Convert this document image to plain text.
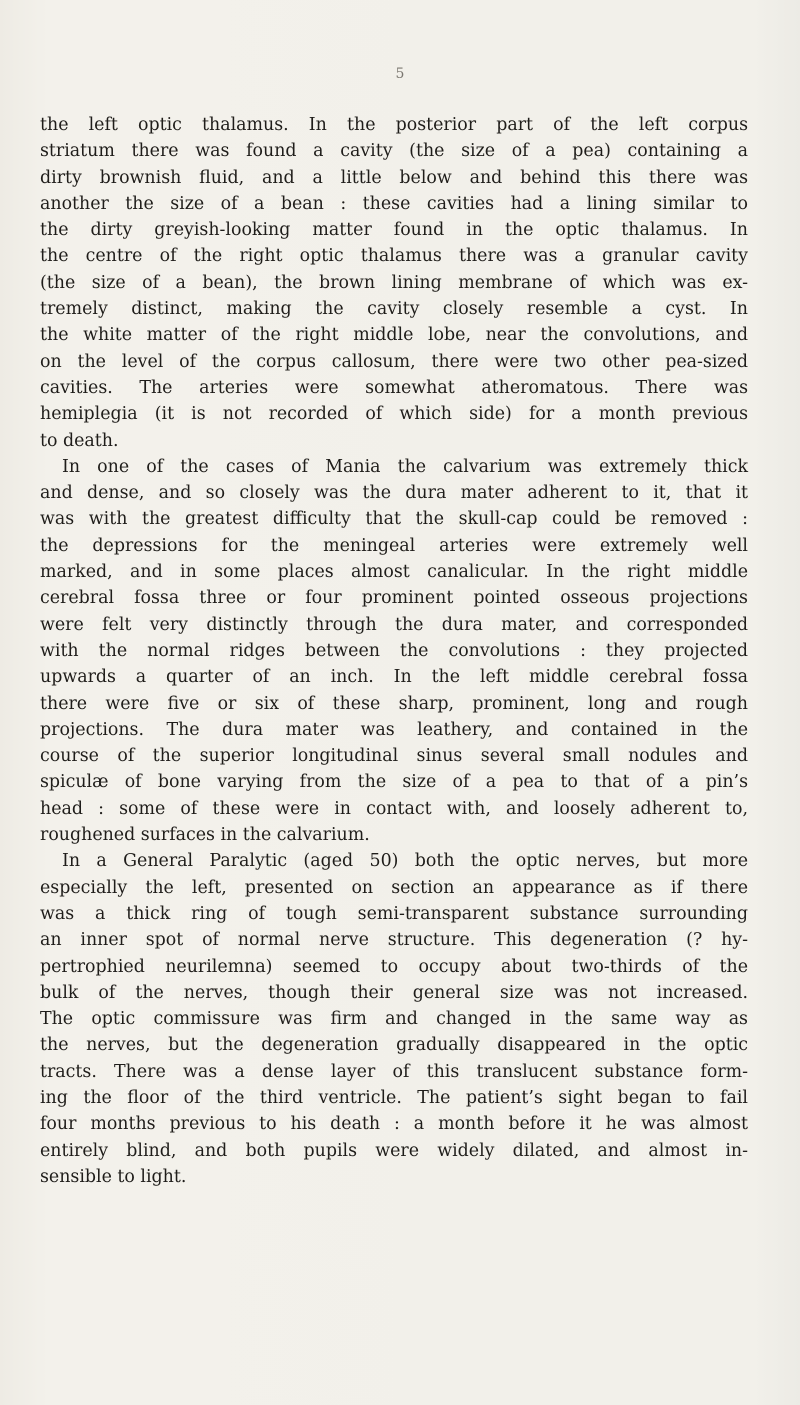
5
the left optic thalamus. In the posterior part of the left corpus
striatum there was found a cavity (the size of a pea) containing a
dirty brownish fluid, and a little below and behind this there was
another the size of a bean : these cavities had a lining similar to
the dirty greyish-looking matter found in the optic thalamus. In
the centre of the right optic thalamus there was a granular cavity
(the size of a bean), the brown lining membrane of which was ex-
tremely distinct, making the cavity closely resemble a cyst. In
the white matter of the right middle lobe, near the convolutions, and
on the level of the corpus callosum, there were two other pea-sized
cavities. The arteries were somewhat atheromatous. There was
hemiplegia (it is not recorded of which side) for a month previous
to death.
In one of the cases of Mania the calvarium was extremely thick
and dense, and so closely was the dura mater adherent to it, that it
was with the greatest difficulty that the skull-cap could be removed :
the depressions for the meningeal arteries were extremely well
marked, and in some places almost canalicular. In the right middle
cerebral fossa three or four prominent pointed osseous projections
were felt very distinctly through the dura mater, and corresponded
with the normal ridges between the convolutions : they projected
upwards a quarter of an inch. In the left middle cerebral fossa
there were five or six of these sharp, prominent, long and rough
projections. The dura mater was leathery, and contained in the
course of the superior longitudinal sinus several small nodules and
spiculæ of bone varying from the size of a pea to that of a pin’s
head : some of these were in contact with, and loosely adherent to,
roughened surfaces in the calvarium.
In a General Paralytic (aged 50) both the optic nerves, but more
especially the left, presented on section an appearance as if there
was a thick ring of tough semi-transparent substance surrounding
an inner spot of normal nerve structure. This degeneration (? hy-
pertrophied neurilemna) seemed to occupy about two-thirds of the
bulk of the nerves, though their general size was not increased.
The optic commissure was firm and changed in the same way as
the nerves, but the degeneration gradually disappeared in the optic
tracts. There was a dense layer of this translucent substance form-
ing the floor of the third ventricle. The patient’s sight began to fail
four months previous to his death : a month before it he was almost
entirely blind, and both pupils were widely dilated, and almost in-
sensible to light.
